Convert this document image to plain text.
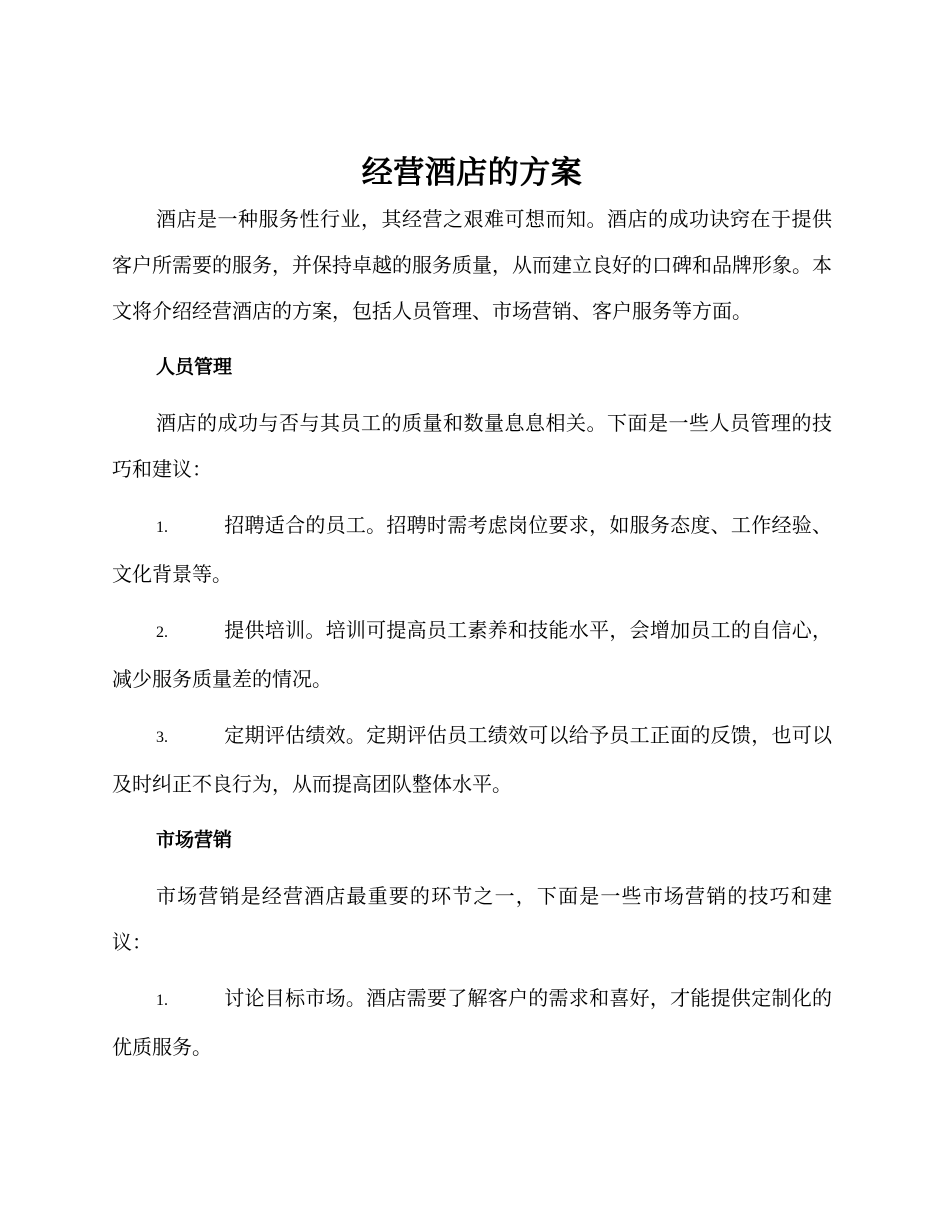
经营酒店的方案

酒店是一种服务性行业，其经营之艰难可想而知。酒店的成功诀窍在于提供客户所需要的服务，并保持卓越的服务质量，从而建立良好的口碑和品牌形象。本文将介绍经营酒店的方案，包括人员管理、市场营销、客户服务等方面。

人员管理

酒店的成功与否与其员工的质量和数量息息相关。下面是一些人员管理的技巧和建议：

1.	招聘适合的员工。招聘时需考虑岗位要求，如服务态度、工作经验、文化背景等。

2.	提供培训。培训可提高员工素养和技能水平，会增加员工的自信心，减少服务质量差的情况。

3.	定期评估绩效。定期评估员工绩效可以给予员工正面的反馈，也可以及时纠正不良行为，从而提高团队整体水平。

市场营销

市场营销是经营酒店最重要的环节之一，下面是一些市场营销的技巧和建议：

1.	讨论目标市场。酒店需要了解客户的需求和喜好，才能提供定制化的优质服务。
